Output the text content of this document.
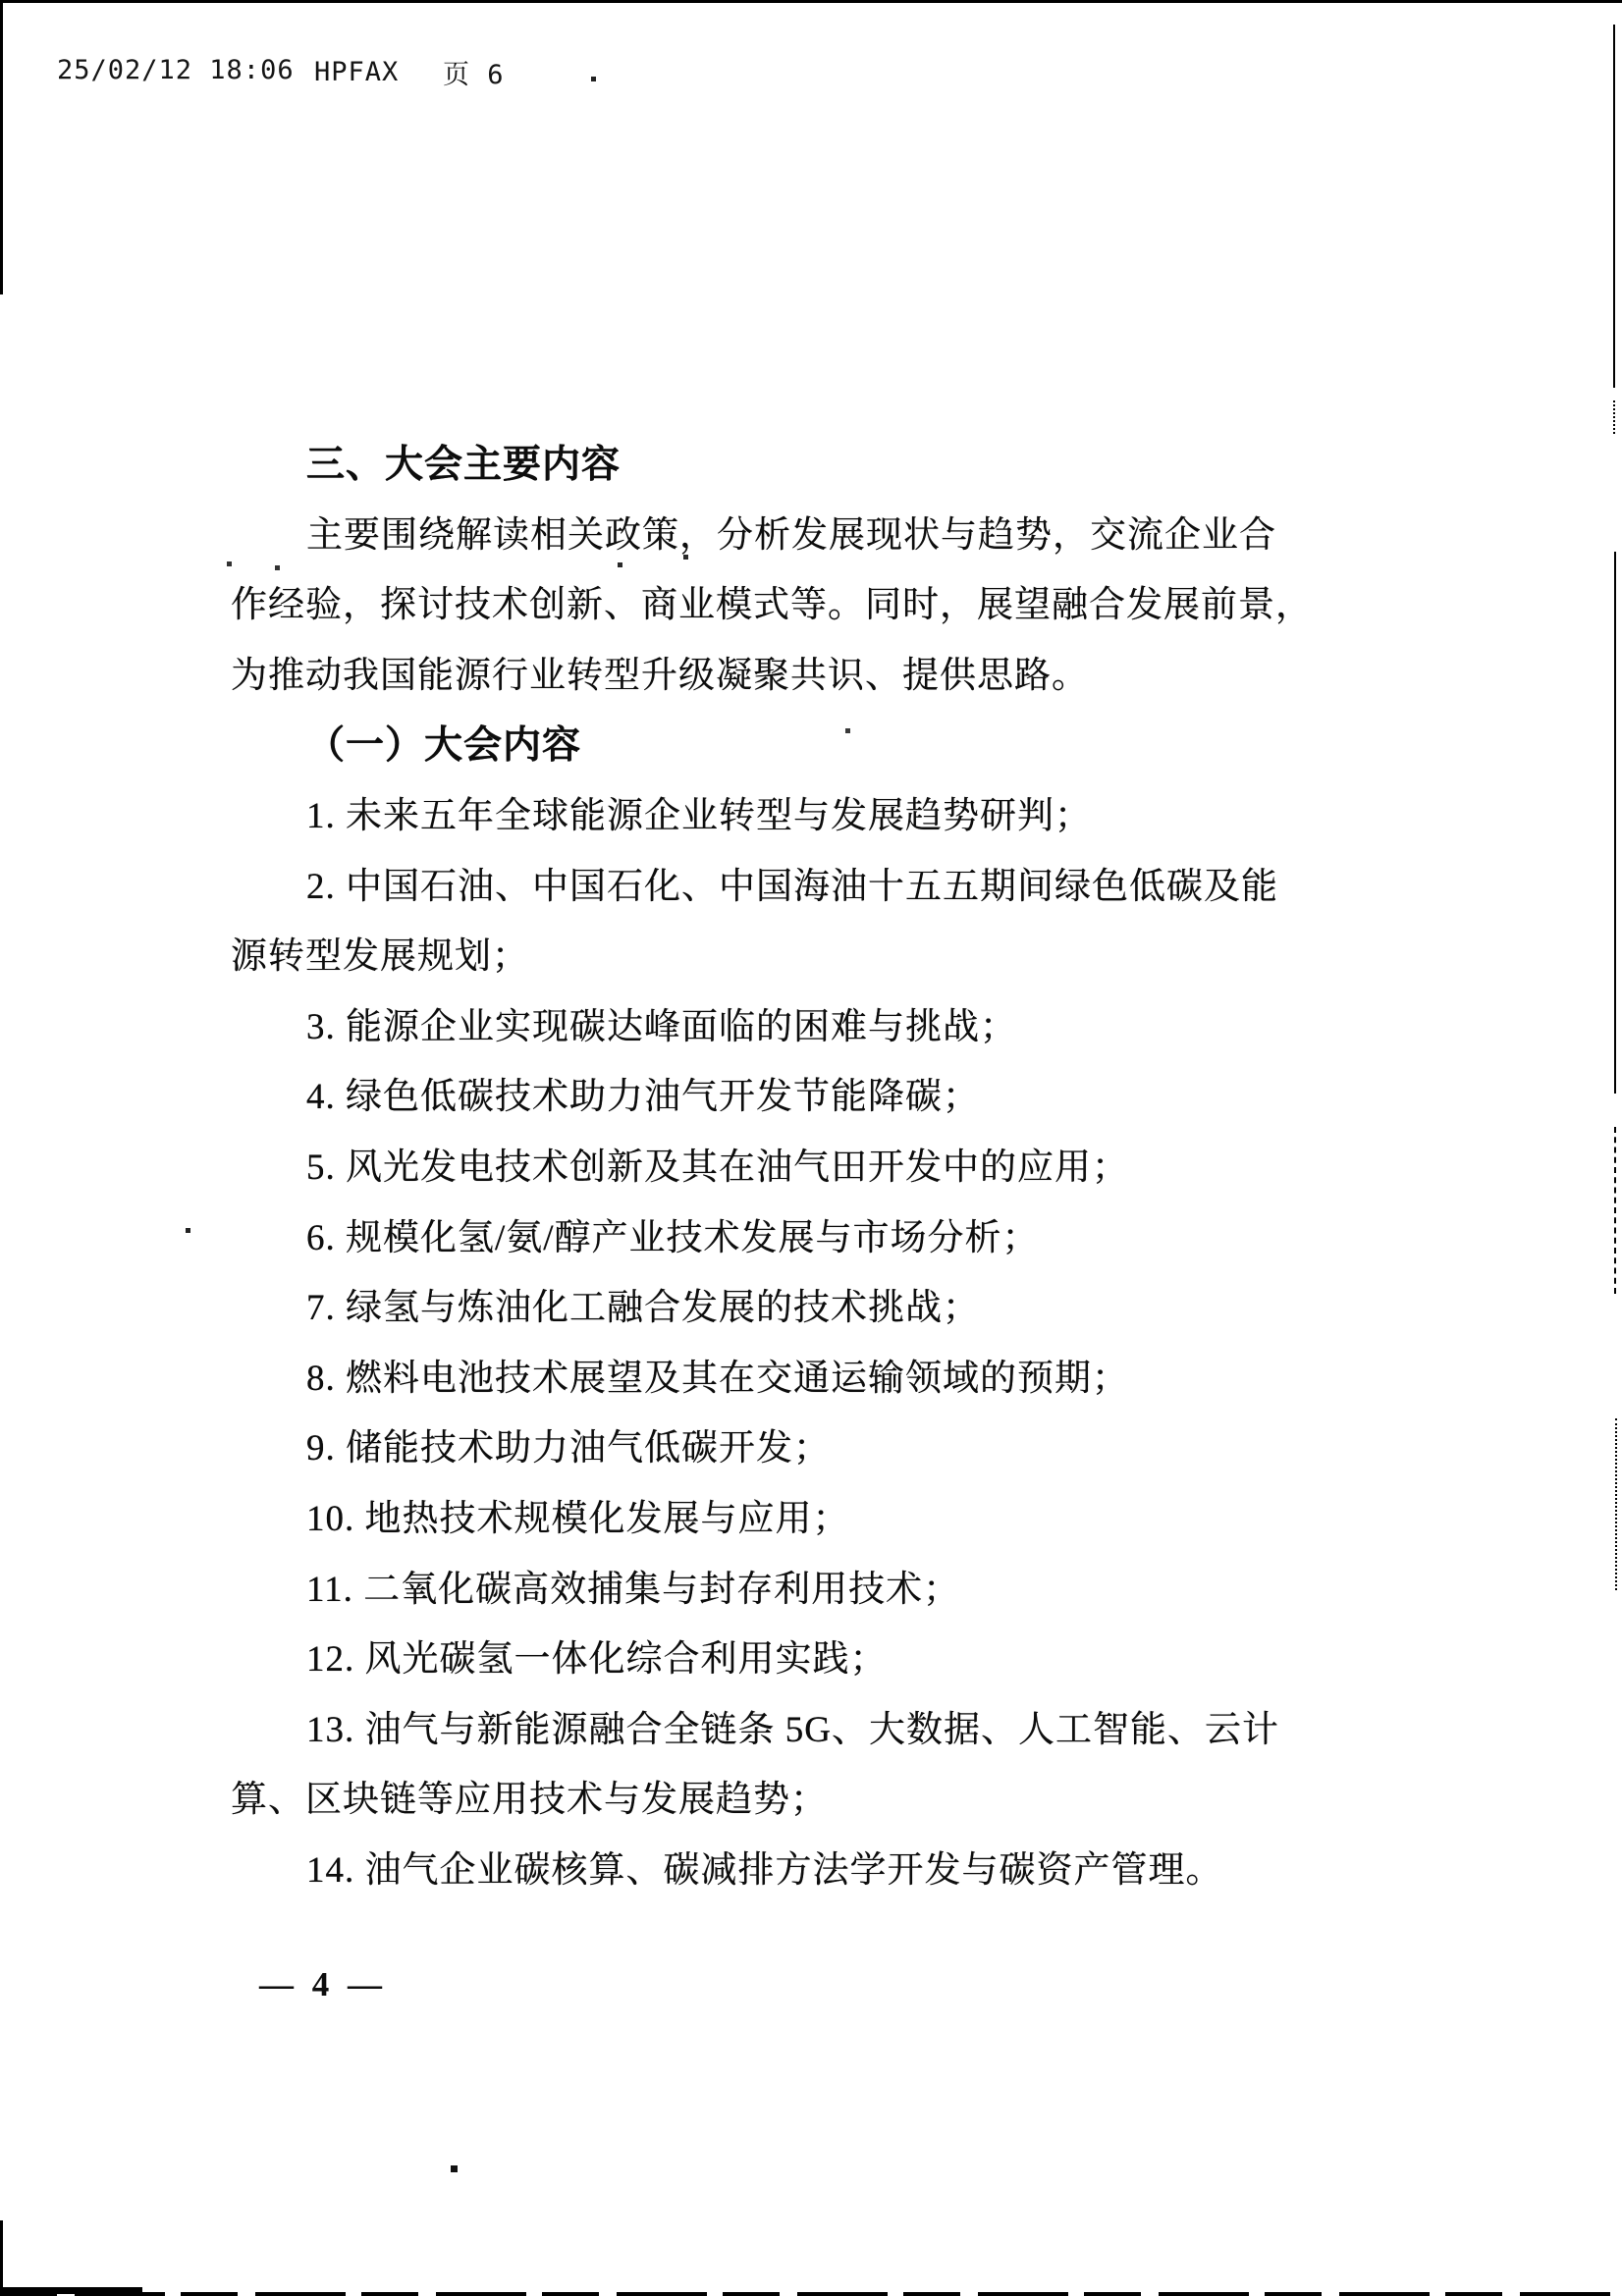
25/02/12 18:06 HPFAX 页 6
三、大会主要内容
主要围绕解读相关政策，分析发展现状与趋势，交流企业合
作经验，探讨技术创新、商业模式等。同时，展望融合发展前景，
为推动我国能源行业转型升级凝聚共识、提供思路。
（一）大会内容
1. 未来五年全球能源企业转型与发展趋势研判；
2. 中国石油、中国石化、中国海油十五五期间绿色低碳及能
源转型发展规划；
3. 能源企业实现碳达峰面临的困难与挑战；
4. 绿色低碳技术助力油气开发节能降碳；
5. 风光发电技术创新及其在油气田开发中的应用；
6. 规模化氢/氨/醇产业技术发展与市场分析；
7. 绿氢与炼油化工融合发展的技术挑战；
8. 燃料电池技术展望及其在交通运输领域的预期；
9. 储能技术助力油气低碳开发；
10. 地热技术规模化发展与应用；
11. 二氧化碳高效捕集与封存利用技术；
12. 风光碳氢一体化综合利用实践；
13. 油气与新能源融合全链条 5G、大数据、人工智能、云计
算、区块链等应用技术与发展趋势；
14. 油气企业碳核算、碳减排方法学开发与碳资产管理。
— 4 —
